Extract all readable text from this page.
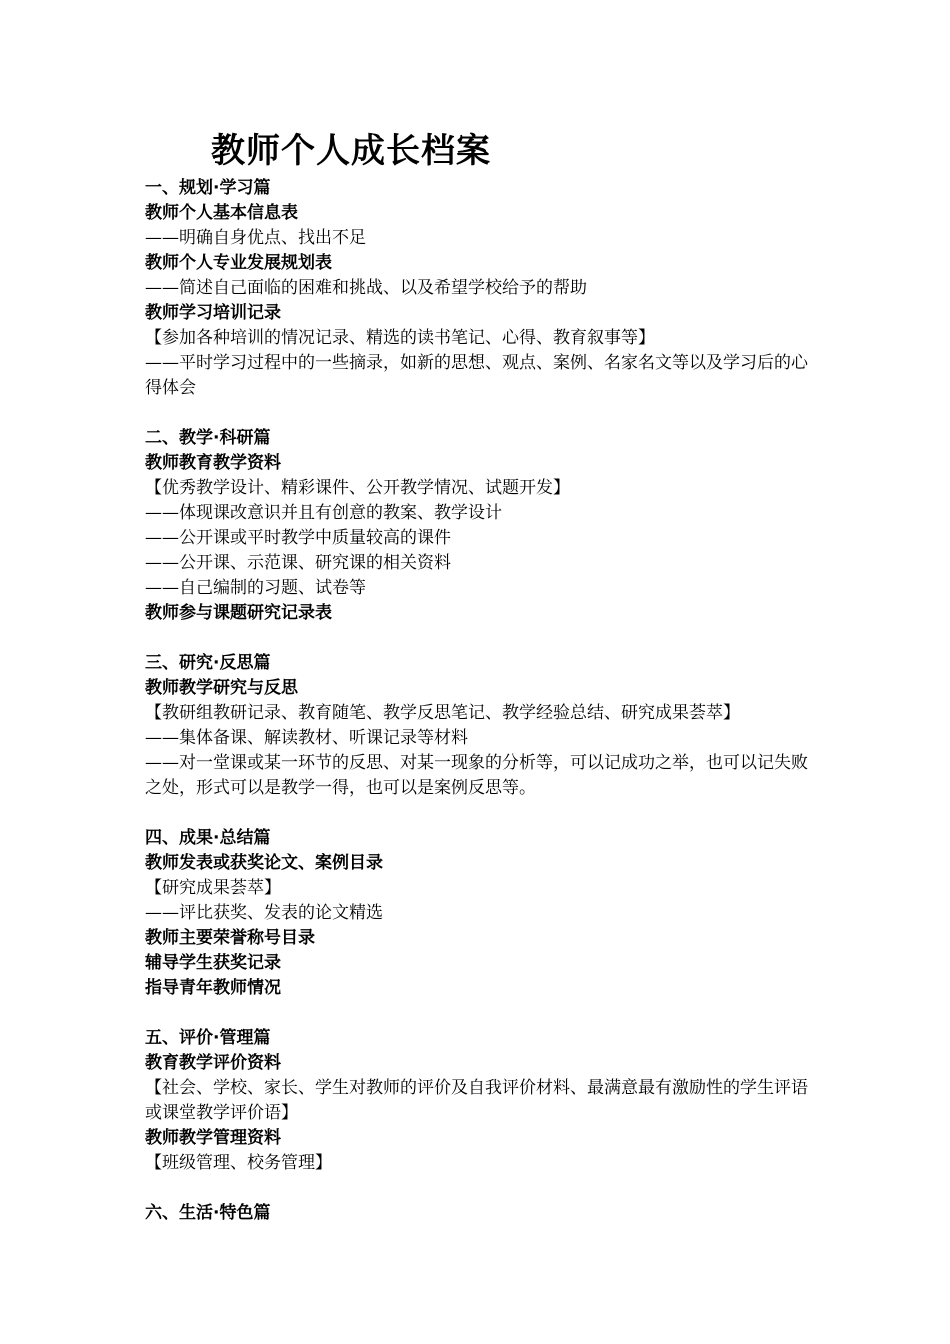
教师个人成长档案
一、规划·学习篇
教师个人基本信息表
——明确自身优点、找出不足
教师个人专业发展规划表
——简述自己面临的困难和挑战、以及希望学校给予的帮助
教师学习培训记录
【参加各种培训的情况记录、精选的读书笔记、心得、教育叙事等】
——平时学习过程中的一些摘录，如新的思想、观点、案例、名家名文等以及学习后的心得体会
二、教学·科研篇
教师教育教学资料
【优秀教学设计、精彩课件、公开教学情况、试题开发】
——体现课改意识并且有创意的教案、教学设计
——公开课或平时教学中质量较高的课件
——公开课、示范课、研究课的相关资料
——自己编制的习题、试卷等
教师参与课题研究记录表
三、研究·反思篇
教师教学研究与反思
【教研组教研记录、教育随笔、教学反思笔记、教学经验总结、研究成果荟萃】
——集体备课、解读教材、听课记录等材料
——对一堂课或某一环节的反思、对某一现象的分析等，可以记成功之举，也可以记失败之处，形式可以是教学一得，也可以是案例反思等。
四、成果·总结篇
教师发表或获奖论文、案例目录
【研究成果荟萃】
——评比获奖、发表的论文精选
教师主要荣誉称号目录
辅导学生获奖记录
指导青年教师情况
五、评价·管理篇
教育教学评价资料
【社会、学校、家长、学生对教师的评价及自我评价材料、最满意最有激励性的学生评语或课堂教学评价语】
教师教学管理资料
【班级管理、校务管理】
六、生活·特色篇
